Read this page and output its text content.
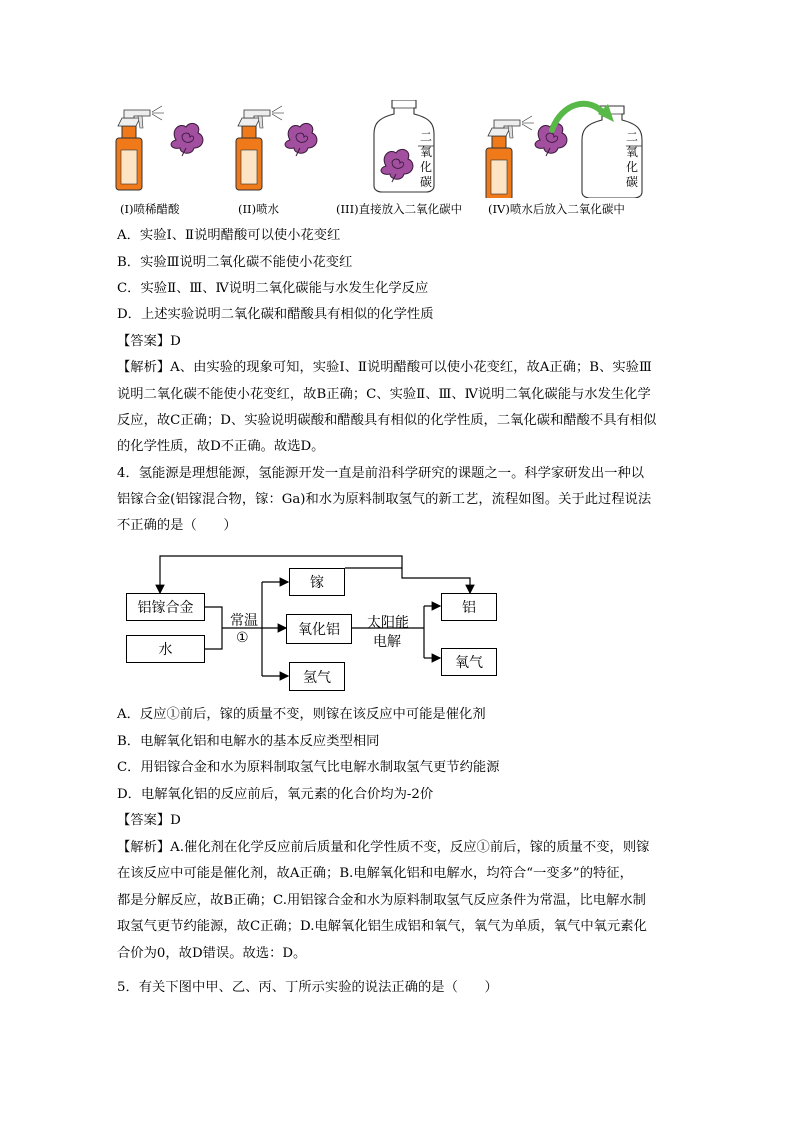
二
氧
化
碳
二
氧
化
碳
(I)喷稀醋酸	(II)喷水	(III)直接放入二氧化碳中 (IV)喷水后放入二氧化碳中
A．实验Ⅰ、Ⅱ说明醋酸可以使小花变红
B．实验Ⅲ说明二氧化碳不能使小花变红
C．实验Ⅱ、Ⅲ、Ⅳ说明二氧化碳能与水发生化学反应
D．上述实验说明二氧化碳和醋酸具有相似的化学性质
【答案】D
【解析】A、由实验的现象可知，实验Ⅰ、Ⅱ说明醋酸可以使小花变红，故A正确；B、实验Ⅲ
说明二氧化碳不能使小花变红，故B正确；C、实验Ⅱ、Ⅲ、Ⅳ说明二氧化碳能与水发生化学
反应，故C正确；D、实验说明碳酸和醋酸具有相似的化学性质，二氧化碳和醋酸不具有相似
的化学性质，故D不正确。故选D。
4．氢能源是理想能源，氢能源开发一直是前沿科学研究的课题之一。科学家研发出一种以
铝镓合金(铝镓混合物，镓：Ga)和水为原料制取氢气的新工艺，流程如图。关于此过程说法
不正确的是（　　）
铝镓合金
水
镓
氧化铝
氢气
铝
氧气
常温
①
太阳能
电解
A．反应①前后，镓的质量不变，则镓在该反应中可能是催化剂
B．电解氧化铝和电解水的基本反应类型相同
C．用铝镓合金和水为原料制取氢气比电解水制取氢气更节约能源
D．电解氧化铝的反应前后，氧元素的化合价均为-2价
【答案】D
【解析】A.催化剂在化学反应前后质量和化学性质不变，反应①前后，镓的质量不变，则镓
在该反应中可能是催化剂，故A正确；B.电解氧化铝和电解水，均符合“一变多”的特征，
都是分解反应，故B正确；C.用铝镓合金和水为原料制取氢气反应条件为常温，比电解水制
取氢气更节约能源，故C正确；D.电解氧化铝生成铝和氧气，氧气为单质，氧气中氧元素化
合价为0，故D错误。故选：D。
5．有关下图中甲、乙、丙、丁所示实验的说法正确的是（　　）
